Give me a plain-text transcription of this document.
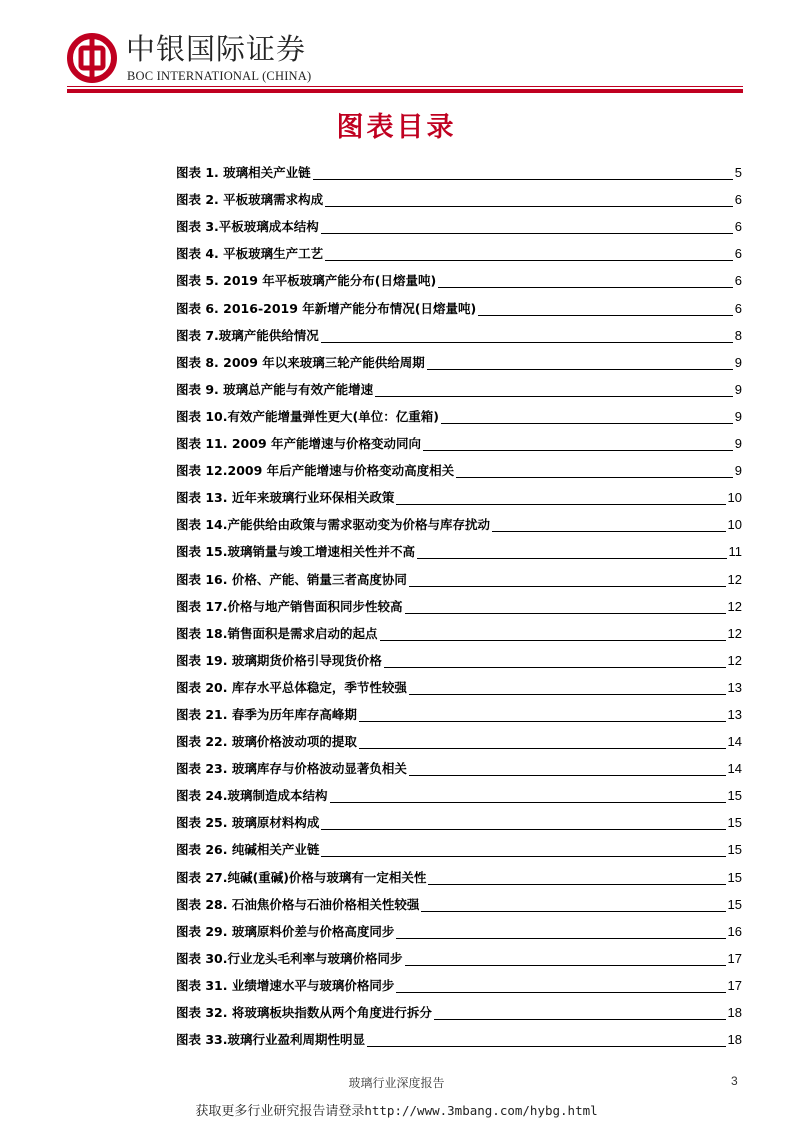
中银国际证券
BOC INTERNATIONAL (CHINA)
图表目录
图表 1. 玻璃相关产业链	5
图表 2. 平板玻璃需求构成	6
图表 3.平板玻璃成本结构	6
图表 4. 平板玻璃生产工艺	6
图表 5. 2019 年平板玻璃产能分布(日熔量吨)	6
图表 6. 2016-2019 年新增产能分布情况(日熔量吨)	6
图表 7.玻璃产能供给情况	8
图表 8. 2009 年以来玻璃三轮产能供给周期	9
图表 9. 玻璃总产能与有效产能增速	9
图表 10.有效产能增量弹性更大(单位：亿重箱)	9
图表 11. 2009 年产能增速与价格变动同向	9
图表 12.2009 年后产能增速与价格变动高度相关	9
图表 13. 近年来玻璃行业环保相关政策	10
图表 14.产能供给由政策与需求驱动变为价格与库存扰动	10
图表 15.玻璃销量与竣工增速相关性并不高	11
图表 16. 价格、产能、销量三者高度协同	12
图表 17.价格与地产销售面积同步性较高	12
图表 18.销售面积是需求启动的起点	12
图表 19. 玻璃期货价格引导现货价格	12
图表 20. 库存水平总体稳定，季节性较强	13
图表 21. 春季为历年库存高峰期	13
图表 22. 玻璃价格波动项的提取	14
图表 23. 玻璃库存与价格波动显著负相关	14
图表 24.玻璃制造成本结构	15
图表 25. 玻璃原材料构成	15
图表 26. 纯碱相关产业链	15
图表 27.纯碱(重碱)价格与玻璃有一定相关性	15
图表 28. 石油焦价格与石油价格相关性较强	15
图表 29. 玻璃原料价差与价格高度同步	16
图表 30.行业龙头毛利率与玻璃价格同步	17
图表 31. 业绩增速水平与玻璃价格同步	17
图表 32. 将玻璃板块指数从两个角度进行拆分	18
图表 33.玻璃行业盈利周期性明显	18
玻璃行业深度报告	3
获取更多行业研究报告请登录http://www.3mbang.com/hybg.html
